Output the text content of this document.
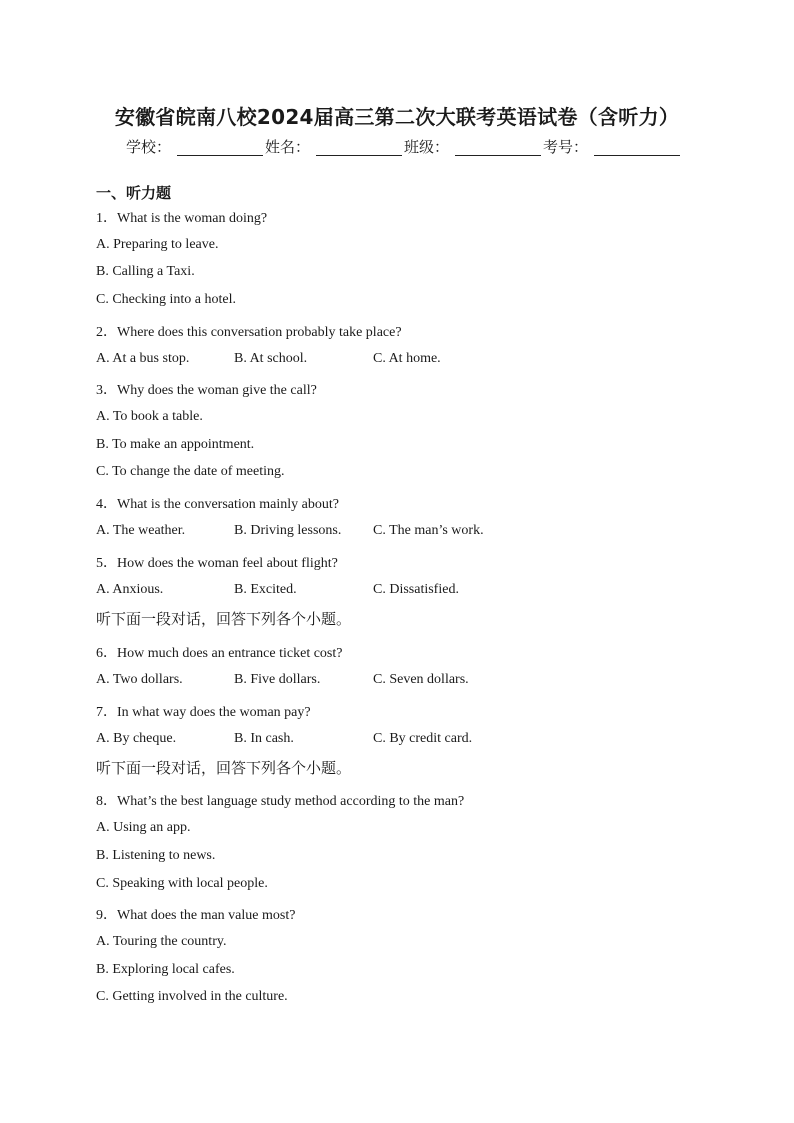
安徽省皖南八校2024届高三第二次大联考英语试卷（含听力）
学校：	姓名：	班级：	考号：
一、听力题
1．What is the woman doing?
A. Preparing to leave.
B. Calling a Taxi.
C. Checking into a hotel.
2．Where does this conversation probably take place?
A. At a bus stop.	B. At school.	C. At home.
3．Why does the woman give the call?
A. To book a table.
B. To make an appointment.
C. To change the date of meeting.
4．What is the conversation mainly about?
A. The weather.	B. Driving lessons.	C. The man’s work.
5．How does the woman feel about flight?
A. Anxious.	B. Excited.	C. Dissatisfied.
听下面一段对话，回答下列各个小题。
6．How much does an entrance ticket cost?
A. Two dollars.	B. Five dollars.	C. Seven dollars.
7．In what way does the woman pay?
A. By cheque.	B. In cash.	C. By credit card.
听下面一段对话，回答下列各个小题。
8．What’s the best language study method according to the man?
A. Using an app.
B. Listening to news.
C. Speaking with local people.
9．What does the man value most?
A. Touring the country.
B. Exploring local cafes.
C. Getting involved in the culture.
